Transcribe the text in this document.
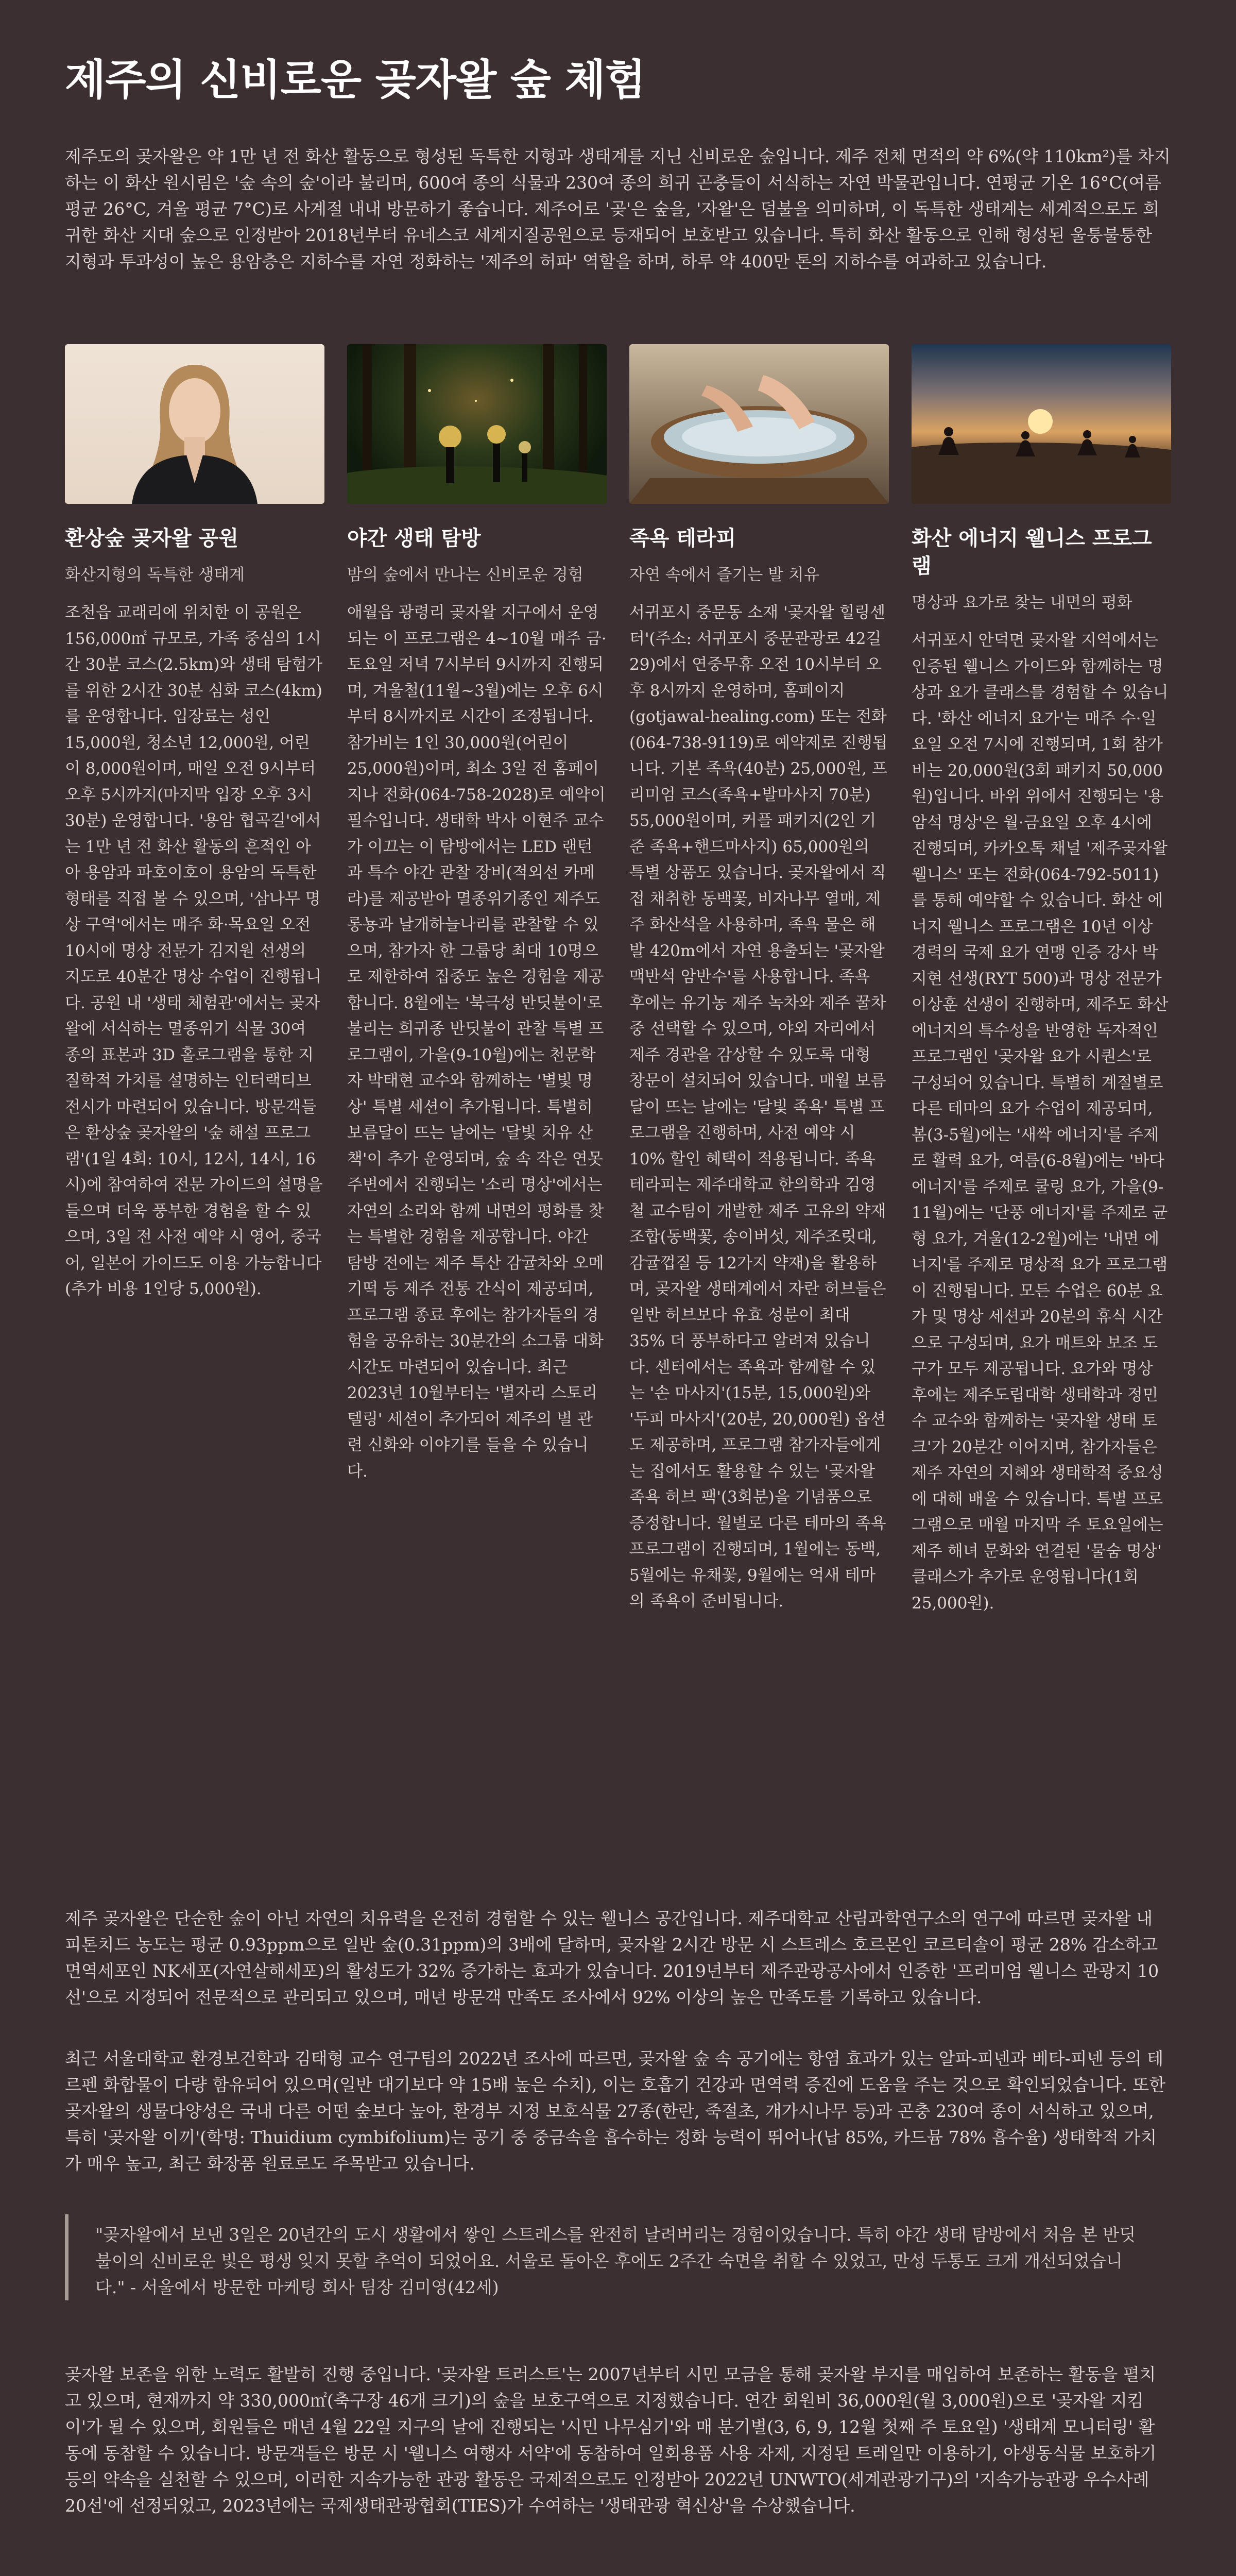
제주의 신비로운 곶자왈 숲 체험

제주도의 곶자왈은 약 1만 년 전 화산 활동으로 형성된 독특한 지형과 생태계를 지닌 신비로운 숲입니다. 제주 전체 면적의 약 6%(약 110km²)를 차지하는 이 화산 원시림은 '숲 속의 숲'이라 불리며, 600여 종의 식물과 230여 종의 희귀 곤충들이 서식하는 자연 박물관입니다. 연평균 기온 16°C(여름 평균 26°C, 겨울 평균 7°C)로 사계절 내내 방문하기 좋습니다. 제주어로 '곶'은 숲을, '자왈'은 덤불을 의미하며, 이 독특한 생태계는 세계적으로도 희귀한 화산 지대 숲으로 인정받아 2018년부터 유네스코 세계지질공원으로 등재되어 보호받고 있습니다. 특히 화산 활동으로 인해 형성된 울퉁불퉁한 지형과 투과성이 높은 용암층은 지하수를 자연 정화하는 '제주의 허파' 역할을 하며, 하루 약 400만 톤의 지하수를 여과하고 있습니다.

환상숲 곶자왈 공원
화산지형의 독특한 생태계
조천읍 교래리에 위치한 이 공원은 156,000㎡ 규모로, 가족 중심의 1시간 30분 코스(2.5km)와 생태 탐험가를 위한 2시간 30분 심화 코스(4km)를 운영합니다. 입장료는 성인 15,000원, 청소년 12,000원, 어린이 8,000원이며, 매일 오전 9시부터 오후 5시까지(마지막 입장 오후 3시 30분) 운영합니다. '용암 협곡길'에서는 1만 년 전 화산 활동의 흔적인 아아 용암과 파호이호이 용암의 독특한 형태를 직접 볼 수 있으며, '삼나무 명상 구역'에서는 매주 화·목요일 오전 10시에 명상 전문가 김지원 선생의 지도로 40분간 명상 수업이 진행됩니다. 공원 내 '생태 체험관'에서는 곶자왈에 서식하는 멸종위기 식물 30여 종의 표본과 3D 홀로그램을 통한 지질학적 가치를 설명하는 인터랙티브 전시가 마련되어 있습니다. 방문객들은 환상숲 곶자왈의 '숲 해설 프로그램'(1일 4회: 10시, 12시, 14시, 16시)에 참여하여 전문 가이드의 설명을 들으며 더욱 풍부한 경험을 할 수 있으며, 3일 전 사전 예약 시 영어, 중국어, 일본어 가이드도 이용 가능합니다(추가 비용 1인당 5,000원).
야간 생태 탐방
밤의 숲에서 만나는 신비로운 경험
애월읍 광령리 곶자왈 지구에서 운영되는 이 프로그램은 4~10월 매주 금·토요일 저녁 7시부터 9시까지 진행되며, 겨울철(11월~3월)에는 오후 6시부터 8시까지로 시간이 조정됩니다. 참가비는 1인 30,000원(어린이 25,000원)이며, 최소 3일 전 홈페이지나 전화(064-758-2028)로 예약이 필수입니다. 생태학 박사 이현주 교수가 이끄는 이 탐방에서는 LED 랜턴과 특수 야간 관찰 장비(적외선 카메라)를 제공받아 멸종위기종인 제주도롱뇽과 날개하늘나리를 관찰할 수 있으며, 참가자 한 그룹당 최대 10명으로 제한하여 집중도 높은 경험을 제공합니다. 8월에는 '북극성 반딧불이'로 불리는 희귀종 반딧불이 관찰 특별 프로그램이, 가을(9-10월)에는 천문학자 박태현 교수와 함께하는 '별빛 명상' 특별 세션이 추가됩니다. 특별히 보름달이 뜨는 날에는 '달빛 치유 산책'이 추가 운영되며, 숲 속 작은 연못 주변에서 진행되는 '소리 명상'에서는 자연의 소리와 함께 내면의 평화를 찾는 특별한 경험을 제공합니다. 야간 탐방 전에는 제주 특산 감귤차와 오메기떡 등 제주 전통 간식이 제공되며, 프로그램 종료 후에는 참가자들의 경험을 공유하는 30분간의 소그룹 대화 시간도 마련되어 있습니다. 최근 2023년 10월부터는 '별자리 스토리텔링' 세션이 추가되어 제주의 별 관련 신화와 이야기를 들을 수 있습니다.
족욕 테라피
자연 속에서 즐기는 발 치유
서귀포시 중문동 소재 '곶자왈 힐링센터'(주소: 서귀포시 중문관광로 42길 29)에서 연중무휴 오전 10시부터 오후 8시까지 운영하며, 홈페이지(gotjawal-healing.com) 또는 전화(064-738-9119)로 예약제로 진행됩니다. 기본 족욕(40분) 25,000원, 프리미엄 코스(족욕+발마사지 70분) 55,000원이며, 커플 패키지(2인 기준 족욕+핸드마사지) 65,000원의 특별 상품도 있습니다. 곶자왈에서 직접 채취한 동백꽃, 비자나무 열매, 제주 화산석을 사용하며, 족욕 물은 해발 420m에서 자연 용출되는 '곶자왈 맥반석 암반수'를 사용합니다. 족욕 후에는 유기농 제주 녹차와 제주 꿀차 중 선택할 수 있으며, 야외 자리에서 제주 경관을 감상할 수 있도록 대형 창문이 설치되어 있습니다. 매월 보름달이 뜨는 날에는 '달빛 족욕' 특별 프로그램을 진행하며, 사전 예약 시 10% 할인 혜택이 적용됩니다. 족욕 테라피는 제주대학교 한의학과 김영철 교수팀이 개발한 제주 고유의 약재 조합(동백꽃, 송이버섯, 제주조릿대, 감귤껍질 등 12가지 약재)을 활용하며, 곶자왈 생태계에서 자란 허브들은 일반 허브보다 유효 성분이 최대 35% 더 풍부하다고 알려져 있습니다. 센터에서는 족욕과 함께할 수 있는 '손 마사지'(15분, 15,000원)와 '두피 마사지'(20분, 20,000원) 옵션도 제공하며, 프로그램 참가자들에게는 집에서도 활용할 수 있는 '곶자왈 족욕 허브 팩'(3회분)을 기념품으로 증정합니다. 월별로 다른 테마의 족욕 프로그램이 진행되며, 1월에는 동백, 5월에는 유채꽃, 9월에는 억새 테마의 족욕이 준비됩니다.
화산 에너지 웰니스 프로그램
명상과 요가로 찾는 내면의 평화
서귀포시 안덕면 곶자왈 지역에서는 인증된 웰니스 가이드와 함께하는 명상과 요가 클래스를 경험할 수 있습니다. '화산 에너지 요가'는 매주 수·일요일 오전 7시에 진행되며, 1회 참가비는 20,000원(3회 패키지 50,000원)입니다. 바위 위에서 진행되는 '용암석 명상'은 월·금요일 오후 4시에 진행되며, 카카오톡 채널 '제주곶자왈웰니스' 또는 전화(064-792-5011)를 통해 예약할 수 있습니다. 화산 에너지 웰니스 프로그램은 10년 이상 경력의 국제 요가 연맹 인증 강사 박지현 선생(RYT 500)과 명상 전문가 이상훈 선생이 진행하며, 제주도 화산 에너지의 특수성을 반영한 독자적인 프로그램인 '곶자왈 요가 시퀀스'로 구성되어 있습니다. 특별히 계절별로 다른 테마의 요가 수업이 제공되며, 봄(3-5월)에는 '새싹 에너지'를 주제로 활력 요가, 여름(6-8월)에는 '바다 에너지'를 주제로 쿨링 요가, 가을(9-11월)에는 '단풍 에너지'를 주제로 균형 요가, 겨울(12-2월)에는 '내면 에너지'를 주제로 명상적 요가 프로그램이 진행됩니다. 모든 수업은 60분 요가 및 명상 세션과 20분의 휴식 시간으로 구성되며, 요가 매트와 보조 도구가 모두 제공됩니다. 요가와 명상 후에는 제주도립대학 생태학과 정민수 교수와 함께하는 '곶자왈 생태 토크'가 20분간 이어지며, 참가자들은 제주 자연의 지혜와 생태학적 중요성에 대해 배울 수 있습니다. 특별 프로그램으로 매월 마지막 주 토요일에는 제주 해녀 문화와 연결된 '물숨 명상' 클래스가 추가로 운영됩니다(1회 25,000원).

제주 곶자왈은 단순한 숲이 아닌 자연의 치유력을 온전히 경험할 수 있는 웰니스 공간입니다. 제주대학교 산림과학연구소의 연구에 따르면 곶자왈 내 피톤치드 농도는 평균 0.93ppm으로 일반 숲(0.31ppm)의 3배에 달하며, 곶자왈 2시간 방문 시 스트레스 호르몬인 코르티솔이 평균 28% 감소하고 면역세포인 NK세포(자연살해세포)의 활성도가 32% 증가하는 효과가 있습니다. 2019년부터 제주관광공사에서 인증한 '프리미엄 웰니스 관광지 10선'으로 지정되어 전문적으로 관리되고 있으며, 매년 방문객 만족도 조사에서 92% 이상의 높은 만족도를 기록하고 있습니다.

최근 서울대학교 환경보건학과 김태형 교수 연구팀의 2022년 조사에 따르면, 곶자왈 숲 속 공기에는 항염 효과가 있는 알파-피넨과 베타-피넨 등의 테르펜 화합물이 다량 함유되어 있으며(일반 대기보다 약 15배 높은 수치), 이는 호흡기 건강과 면역력 증진에 도움을 주는 것으로 확인되었습니다. 또한 곶자왈의 생물다양성은 국내 다른 어떤 숲보다 높아, 환경부 지정 보호식물 27종(한란, 죽절초, 개가시나무 등)과 곤충 230여 종이 서식하고 있으며, 특히 '곶자왈 이끼'(학명: Thuidium cymbifolium)는 공기 중 중금속을 흡수하는 정화 능력이 뛰어나(납 85%, 카드뮴 78% 흡수율) 생태학적 가치가 매우 높고, 최근 화장품 원료로도 주목받고 있습니다.

"곶자왈에서 보낸 3일은 20년간의 도시 생활에서 쌓인 스트레스를 완전히 날려버리는 경험이었습니다. 특히 야간 생태 탐방에서 처음 본 반딧불이의 신비로운 빛은 평생 잊지 못할 추억이 되었어요. 서울로 돌아온 후에도 2주간 숙면을 취할 수 있었고, 만성 두통도 크게 개선되었습니다." - 서울에서 방문한 마케팅 회사 팀장 김미영(42세)

곶자왈 보존을 위한 노력도 활발히 진행 중입니다. '곶자왈 트러스트'는 2007년부터 시민 모금을 통해 곶자왈 부지를 매입하여 보존하는 활동을 펼치고 있으며, 현재까지 약 330,000㎡(축구장 46개 크기)의 숲을 보호구역으로 지정했습니다. 연간 회원비 36,000원(월 3,000원)으로 '곶자왈 지킴이'가 될 수 있으며, 회원들은 매년 4월 22일 지구의 날에 진행되는 '시민 나무심기'와 매 분기별(3, 6, 9, 12월 첫째 주 토요일) '생태계 모니터링' 활동에 동참할 수 있습니다. 방문객들은 방문 시 '웰니스 여행자 서약'에 동참하여 일회용품 사용 자제, 지정된 트레일만 이용하기, 야생동식물 보호하기 등의 약속을 실천할 수 있으며, 이러한 지속가능한 관광 활동은 국제적으로도 인정받아 2022년 UNWTO(세계관광기구)의 '지속가능관광 우수사례 20선'에 선정되었고, 2023년에는 국제생태관광협회(TIES)가 수여하는 '생태관광 혁신상'을 수상했습니다.
